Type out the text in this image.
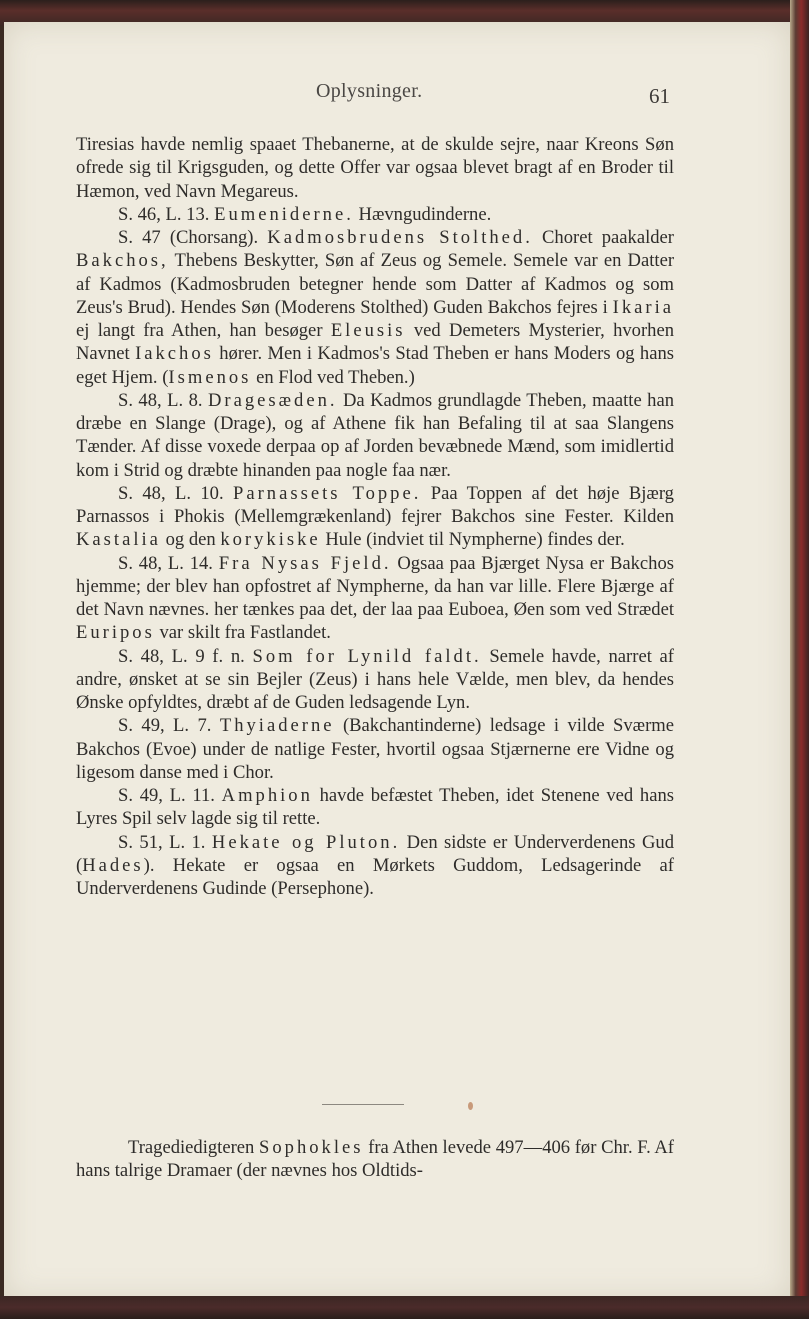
Oplysninger.	61

Tiresias havde nemlig spaaet Thebanerne, at de skulde sejre, naar Kreons Søn ofrede sig til Krigsguden, og dette Offer var ogsaa blevet bragt af en Broder til Hæmon, ved Navn Megareus.

S. 46, L. 13. Eumeniderne. Hævngudinderne.

S. 47 (Chorsang). Kadmosbrudens Stolthed. Choret paakalder Bakchos, Thebens Beskytter, Søn af Zeus og Semele. Semele var en Datter af Kadmos (Kadmosbruden betegner hende som Datter af Kadmos og som Zeus's Brud). Hendes Søn (Moderens Stolthed) Guden Bakchos fejres i Ikaria ej langt fra Athen, han besøger Eleusis ved Demeters Mysterier, hvorhen Navnet Iakchos hører. Men i Kadmos's Stad Theben er hans Moders og hans eget Hjem. (Ismenos en Flod ved Theben.)

S. 48, L. 8. Dragesæden. Da Kadmos grundlagde Theben, maatte han dræbe en Slange (Drage), og af Athene fik han Befaling til at saa Slangens Tænder. Af disse voxede derpaa op af Jorden bevæbnede Mænd, som imidlertid kom i Strid og dræbte hinanden paa nogle faa nær.

S. 48, L. 10. Parnassets Toppe. Paa Toppen af det høje Bjærg Parnassos i Phokis (Mellemgrækenland) fejrer Bakchos sine Fester. Kilden Kastalia og den korykiske Hule (indviet til Nympherne) findes der.

S. 48, L. 14. Fra Nysas Fjeld. Ogsaa paa Bjærget Nysa er Bakchos hjemme; der blev han opfostret af Nympherne, da han var lille. Flere Bjærge af det Navn nævnes. her tænkes paa det, der laa paa Euboea, Øen som ved Strædet Euripos var skilt fra Fastlandet.

S. 48, L. 9 f. n. Som for Lynild faldt. Semele havde, narret af andre, ønsket at se sin Bejler (Zeus) i hans hele Vælde, men blev, da hendes Ønske opfyldtes, dræbt af de Guden ledsagende Lyn.

S. 49, L. 7. Thyiaderne (Bakchantinderne) ledsage i vilde Sværme Bakchos (Evoe) under de natlige Fester, hvortil ogsaa Stjærnerne ere Vidne og ligesom danse med i Chor.

S. 49, L. 11. Amphion havde befæstet Theben, idet Stenene ved hans Lyres Spil selv lagde sig til rette.

S. 51, L. 1. Hekate og Pluton. Den sidste er Underverdenens Gud (Hades). Hekate er ogsaa en Mørkets Guddom, Ledsagerinde af Underverdenens Gudinde (Persephone).

Tragediedigteren Sophokles fra Athen levede 497—406 før Chr. F. Af hans talrige Dramaer (der nævnes hos Oldtids-
